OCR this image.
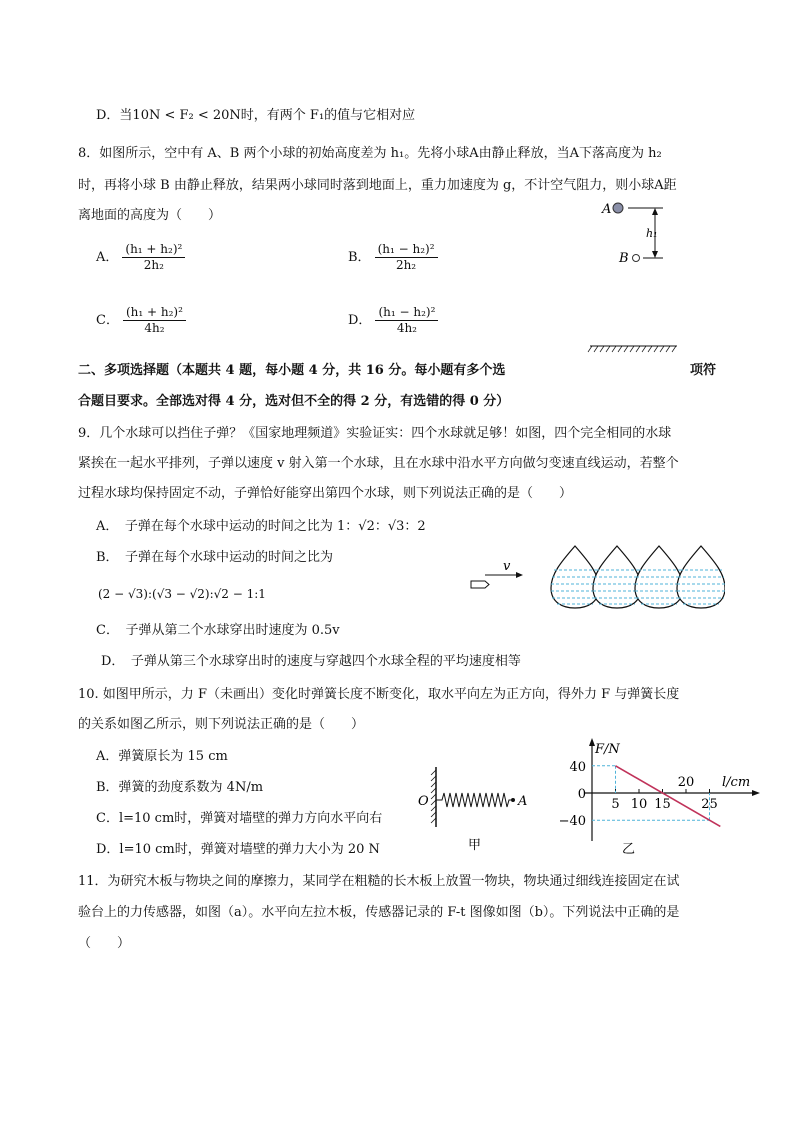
D．当10N < F₂ < 20N时，有两个 F₁的值与它相对应
8．如图所示，空中有 A、B 两个小球的初始高度差为 h₁。先将小球A由静止释放，当A下落高度为 h₂
时，再将小球 B 由静止释放，结果两小球同时落到地面上，重力加速度为 g，不计空气阻力，则小球A距
离地面的高度为（　　）
A． $\frac{\text{(h₁ + h₂)²}}{\text{2h₂}}$	B． $\frac{\text{(h₁ − h₂)²}}{\text{2h₂}}$
C． $\frac{\text{(h₁ + h₂)²}}{\text{4h₂}}$	D． $\frac{\text{(h₁ − h₂)²}}{\text{4h₂}}$
A
B
h₁
二、多项选择题（本题共 4 题，每小题 4 分，共 16 分。每小题有多个选	项符
合题目要求。全部选对得 4 分，选对但不全的得 2 分，有选错的得 0 分）
9．几个水球可以挡住子弹？《国家地理频道》实验证实：四个水球就足够！如图，四个完全相同的水球
紧挨在一起水平排列，子弹以速度 v 射入第一个水球，且在水球中沿水平方向做匀变速直线运动，若整个
过程水球均保持固定不动，子弹恰好能穿出第四个水球，则下列说法正确的是（　　）
A．　子弹在每个水球中运动的时间之比为 1：√2：√3：2
B．　子弹在每个水球中运动的时间之比为
(2 − √3):(√3 − √2):√2 − 1:1
C．　子弹从第二个水球穿出时速度为 0.5v
D．　子弹从第三个水球穿出时的速度与穿越四个水球全程的平均速度相等
v
10. 如图甲所示，力 F（未画出）变化时弹簧长度不断变化，取水平向左为正方向，得外力 F 与弹簧长度
的关系如图乙所示，则下列说法正确的是（　　）
A．弹簧原长为 15 cm
B．弹簧的劲度系数为 4N/m
C．l=10 cm时，弹簧对墙壁的弹力方向水平向右
D．l=10 cm时，弹簧对墙壁的弹力大小为 20 N
O	A
甲
F/N
l/cm
40
0
−40
5 10 15
20
25
乙
11．为研究木板与物块之间的摩擦力，某同学在粗糙的长木板上放置一物块，物块通过细线连接固定在试
验台上的力传感器，如图（a）。水平向左拉木板，传感器记录的 F-t 图像如图（b）。下列说法中正确的是
（　　）
